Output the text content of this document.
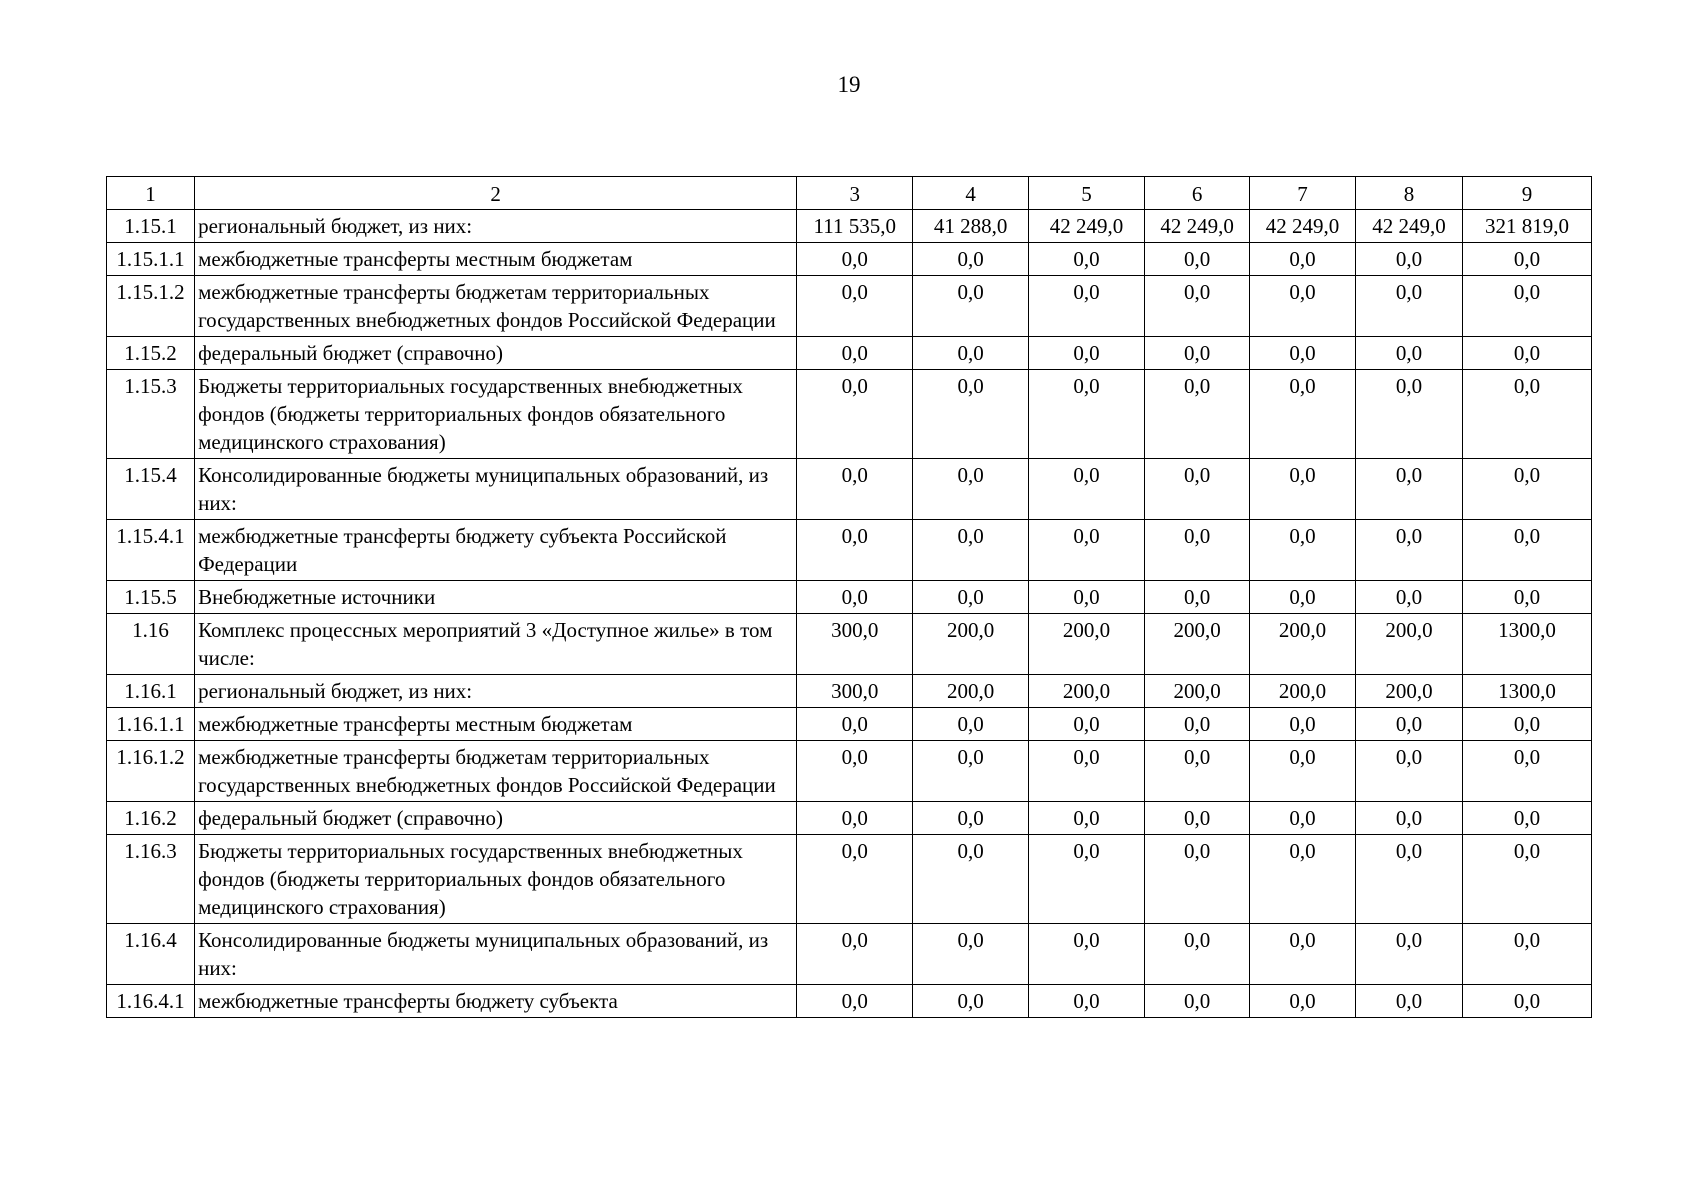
19
1	2	3	4	5	6	7	8	9
1.15.1	региональный бюджет, из них:	111 535,0	41 288,0	42 249,0	42 249,0	42 249,0	42 249,0	321 819,0
1.15.1.1	межбюджетные трансферты местным бюджетам	0,0	0,0	0,0	0,0	0,0	0,0	0,0
1.15.1.2	межбюджетные трансферты бюджетам территориальных государственных внебюджетных фондов Российской Федерации	0,0	0,0	0,0	0,0	0,0	0,0	0,0
1.15.2	федеральный бюджет (справочно)	0,0	0,0	0,0	0,0	0,0	0,0	0,0
1.15.3	Бюджеты территориальных государственных внебюджетных фондов (бюджеты территориальных фондов обязательного медицинского страхования)	0,0	0,0	0,0	0,0	0,0	0,0	0,0
1.15.4	Консолидированные бюджеты муниципальных образований, из них:	0,0	0,0	0,0	0,0	0,0	0,0	0,0
1.15.4.1	межбюджетные трансферты бюджету субъекта Российской Федерации	0,0	0,0	0,0	0,0	0,0	0,0	0,0
1.15.5	Внебюджетные источники	0,0	0,0	0,0	0,0	0,0	0,0	0,0
1.16	Комплекс процессных мероприятий 3 «Доступное жилье» в том числе:	300,0	200,0	200,0	200,0	200,0	200,0	1300,0
1.16.1	региональный бюджет, из них:	300,0	200,0	200,0	200,0	200,0	200,0	1300,0
1.16.1.1	межбюджетные трансферты местным бюджетам	0,0	0,0	0,0	0,0	0,0	0,0	0,0
1.16.1.2	межбюджетные трансферты бюджетам территориальных государственных внебюджетных фондов Российской Федерации	0,0	0,0	0,0	0,0	0,0	0,0	0,0
1.16.2	федеральный бюджет (справочно)	0,0	0,0	0,0	0,0	0,0	0,0	0,0
1.16.3	Бюджеты территориальных государственных внебюджетных фондов (бюджеты территориальных фондов обязательного медицинского страхования)	0,0	0,0	0,0	0,0	0,0	0,0	0,0
1.16.4	Консолидированные бюджеты муниципальных образований, из них:	0,0	0,0	0,0	0,0	0,0	0,0	0,0
1.16.4.1	межбюджетные трансферты бюджету субъекта	0,0	0,0	0,0	0,0	0,0	0,0	0,0
